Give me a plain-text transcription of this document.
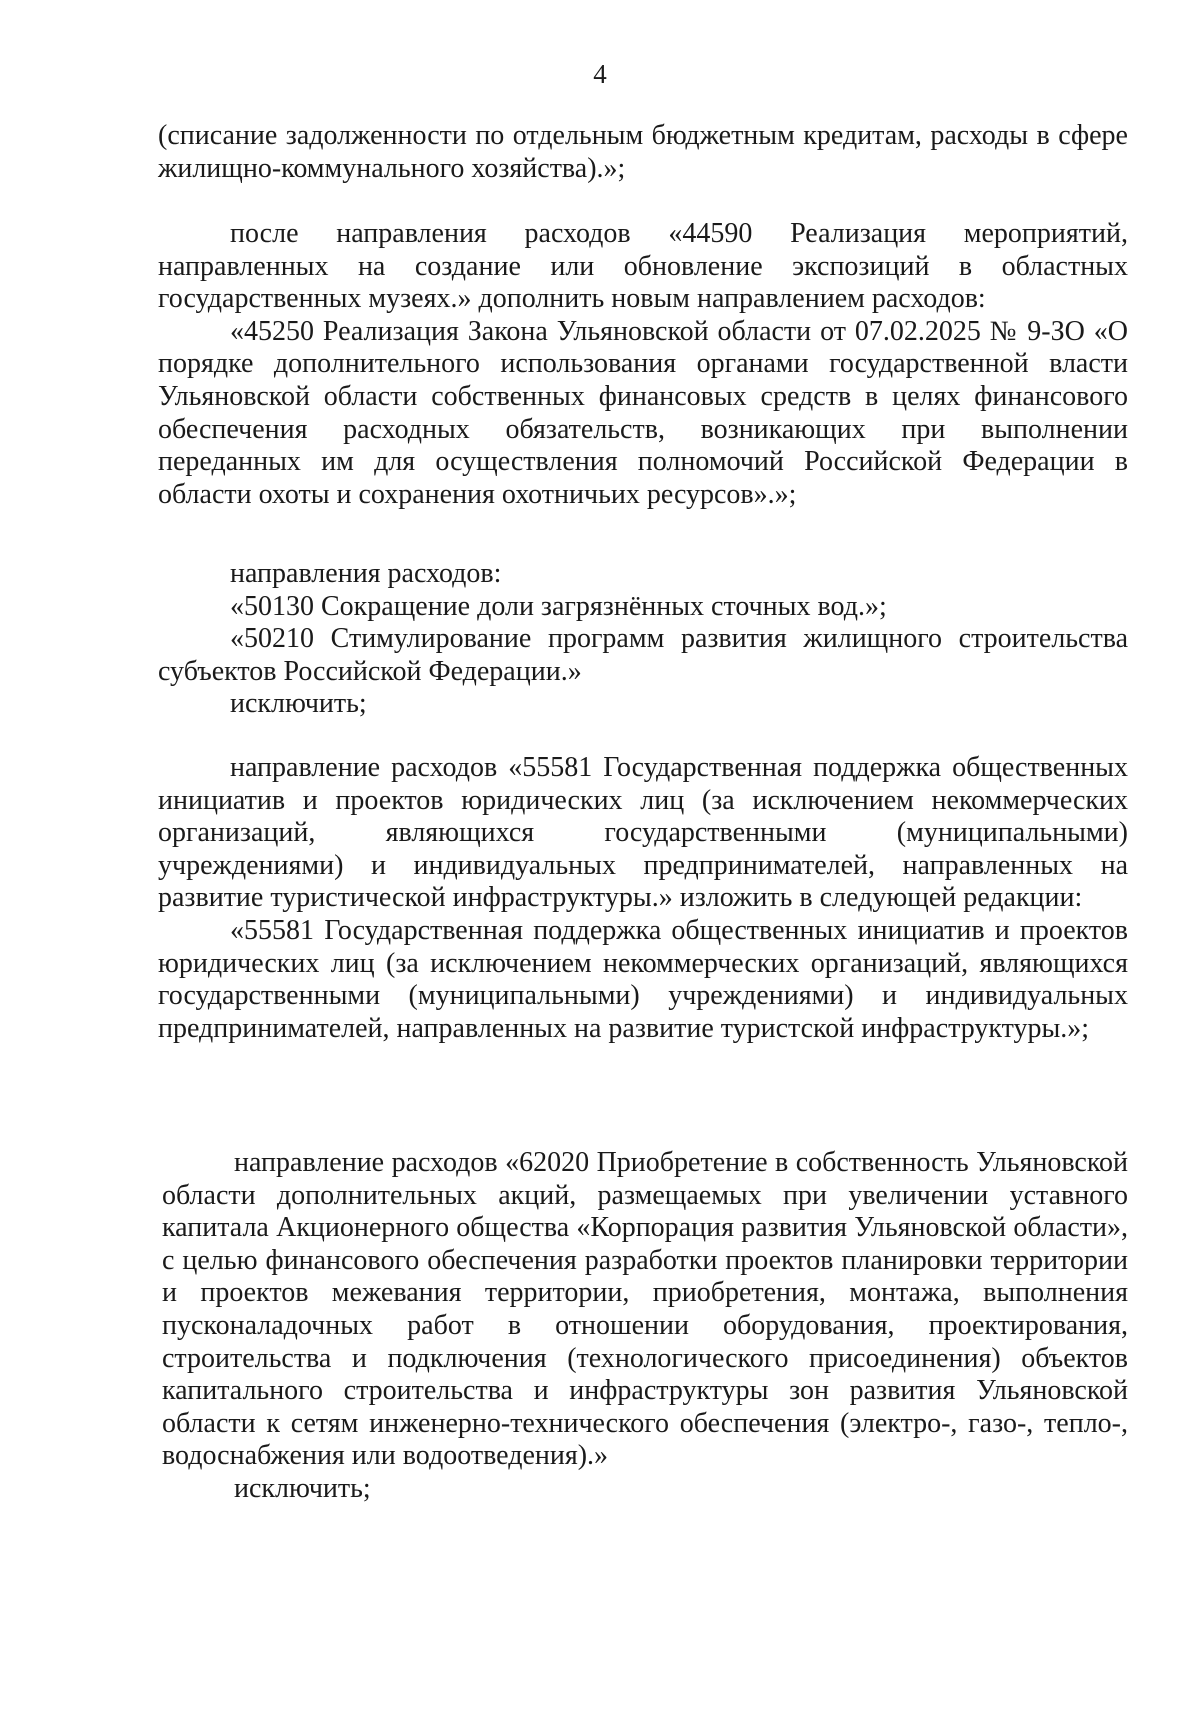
4

(списание задолженности по отдельным бюджетным кредитам, расходы в сфере жилищно-коммунального хозяйства).»;

после направления расходов «44590 Реализация мероприятий, направленных на создание или обновление экспозиций в областных государственных музеях.» дополнить новым направлением расходов:

«45250 Реализация Закона Ульяновской области от 07.02.2025 № 9-ЗО «О порядке дополнительного использования органами государственной власти Ульяновской области собственных финансовых средств в целях финансового обеспечения расходных обязательств, возникающих при выполнении переданных им для осуществления полномочий Российской Федерации в области охоты и сохранения охотничьих ресурсов».»;

направления расходов:

«50130 Сокращение доли загрязнённых сточных вод.»;

«50210 Стимулирование программ развития жилищного строительства субъектов Российской Федерации.»

исключить;

направление расходов «55581 Государственная поддержка общественных инициатив и проектов юридических лиц (за исключением некоммерческих организаций, являющихся государственными (муниципальными) учреждениями) и индивидуальных предпринимателей, направленных на развитие туристической инфраструктуры.» изложить в следующей редакции:

«55581 Государственная поддержка общественных инициатив и проектов юридических лиц (за исключением некоммерческих организаций, являющихся государственными (муниципальными) учреждениями) и индивидуальных предпринимателей, направленных на развитие туристской инфраструктуры.»;

направление расходов «62020 Приобретение в собственность Ульяновской области дополнительных акций, размещаемых при увеличении уставного капитала Акционерного общества «Корпорация развития Ульяновской области», с целью финансового обеспечения разработки проектов планировки территории и проектов межевания территории, приобретения, монтажа, выполнения пусконаладочных работ в отношении оборудования, проектирования, строительства и подключения (технологического присоединения) объектов капитального строительства и инфраструктуры зон развития Ульяновской области к сетям инженерно-технического обеспечения (электро-, газо-, тепло-, водоснабжения или водоотведения).»

исключить;
